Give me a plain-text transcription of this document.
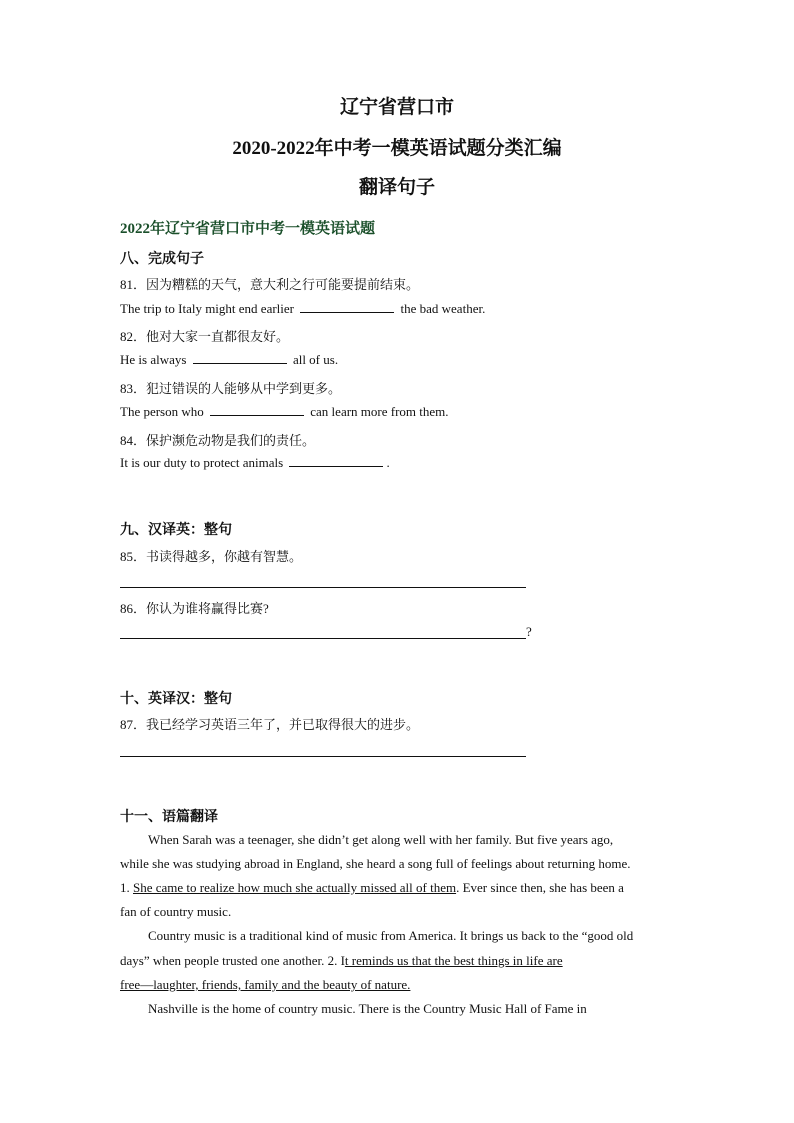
辽宁省营口市
2020-2022年中考一模英语试题分类汇编
翻译句子
2022年辽宁省营口市中考一模英语试题
八、完成句子
81．因为糟糕的天气，意大利之行可能要提前结束。
The trip to Italy might end earlier	the bad weather.
82．他对大家一直都很友好。
He is always	all of us.
83．犯过错误的人能够从中学到更多。
The person who	can learn more from them.
84．保护濒危动物是我们的责任。
It is our duty to protect animals	.
九、汉译英：整句
85．书读得越多，你越有智慧。
86．你认为谁将赢得比赛?
?
十、英译汉：整句
87．我已经学习英语三年了，并已取得很大的进步。
十一、语篇翻译
When Sarah was a teenager, she didn’t get along well with her family. But five years ago,
while she was studying abroad in England, she heard a song full of feelings about returning home.
1. She came to realize how much she actually missed all of them. Ever since then, she has been a
fan of country music.
Country music is a traditional kind of music from America. It brings us back to the “good old
days” when people trusted one another. 2. It reminds us that the best things in life are
free—laughter, friends, family and the beauty of nature.
Nashville is the home of country music. There is the Country Music Hall of Fame in
